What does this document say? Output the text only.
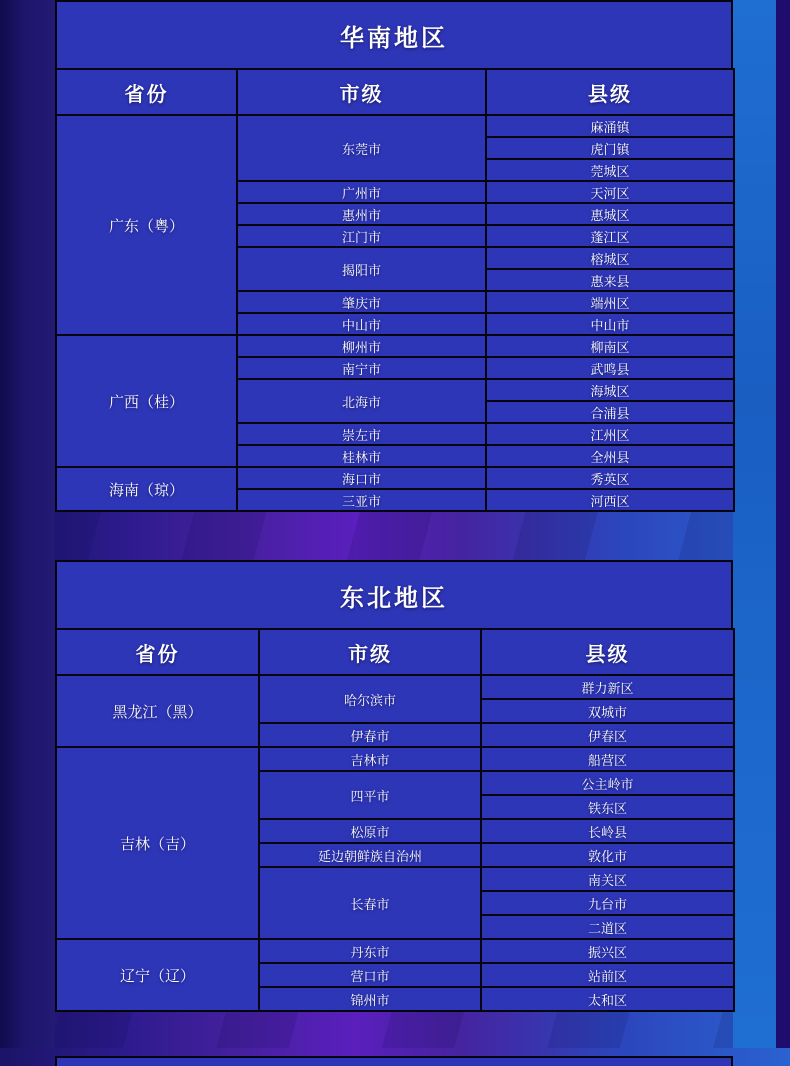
华南地区
省份	市级	县级
广东（粤）	东莞市	麻涌镇
		虎门镇
		莞城区
	广州市	天河区
	惠州市	惠城区
	江门市	蓬江区
	揭阳市	榕城区
		惠来县
	肇庆市	端州区
	中山市	中山市
广西（桂）	柳州市	柳南区
	南宁市	武鸣县
	北海市	海城区
		合浦县
	崇左市	江州区
	桂林市	全州县
海南（琼）	海口市	秀英区
	三亚市	河西区
东北地区
省份	市级	县级
黑龙江（黑）	哈尔滨市	群力新区
		双城市
	伊春市	伊春区
吉林（吉）	吉林市	船营区
	四平市	公主岭市
		铁东区
	松原市	长岭县
	延边朝鲜族自治州	敦化市
	长春市	南关区
		九台市
		二道区
辽宁（辽）	丹东市	振兴区
	营口市	站前区
	锦州市	太和区
